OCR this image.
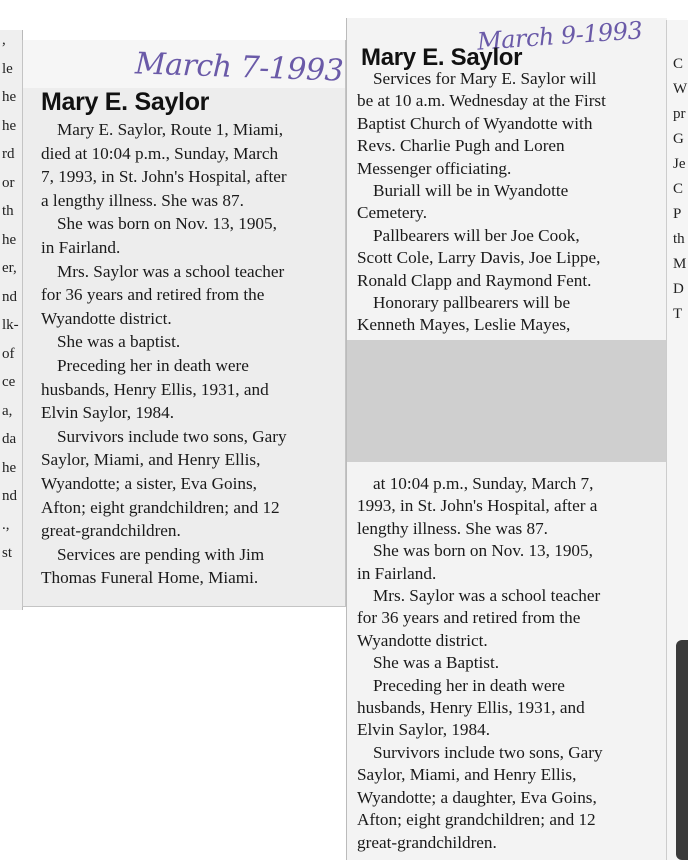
,
le
he
he
rd
or
th
he
er,
nd
lk-
of
ce
a,
da
he
nd
.,
st
March 7-1993
Mary E. Saylor
Mary E. Saylor, Route 1, Miami,
died at 10:04 p.m., Sunday, March
7, 1993, in St. John's Hospital, after
a lengthy illness. She was 87.
She was born on Nov. 13, 1905,
in Fairland.
Mrs. Saylor was a school teacher
for 36 years and retired from the
Wyandotte district.
She was a baptist.
Preceding her in death were
husbands, Henry Ellis, 1931, and
Elvin Saylor, 1984.
Survivors include two sons, Gary
Saylor, Miami, and Henry Ellis,
Wyandotte; a sister, Eva Goins,
Afton; eight grandchildren; and 12
great-grandchildren.
Services are pending with Jim
Thomas Funeral Home, Miami.
March 9-1993
Mary E. Saylor
Services for Mary E. Saylor will
be at 10 a.m. Wednesday at the First
Baptist Church of Wyandotte with
Revs. Charlie Pugh and Loren
Messenger officiating.
Buriall will be in Wyandotte
Cemetery.
Pallbearers will ber Joe Cook,
Scott Cole, Larry Davis, Joe Lippe,
Ronald Clapp and Raymond Fent.
Honorary pallbearers will be
Kenneth Mayes, Leslie Mayes,
at 10:04 p.m., Sunday, March 7,
1993, in St. John's Hospital, after a
lengthy illness. She was 87.
She was born on Nov. 13, 1905,
in Fairland.
Mrs. Saylor was a school teacher
for 36 years and retired from the
Wyandotte district.
She was a Baptist.
Preceding her in death were
husbands, Henry Ellis, 1931, and
Elvin Saylor, 1984.
Survivors include two sons, Gary
Saylor, Miami, and Henry Ellis,
Wyandotte; a daughter, Eva Goins,
Afton; eight grandchildren; and 12
great-grandchildren.
C
W
pr
G
Je
C
P
th
M
D
T
